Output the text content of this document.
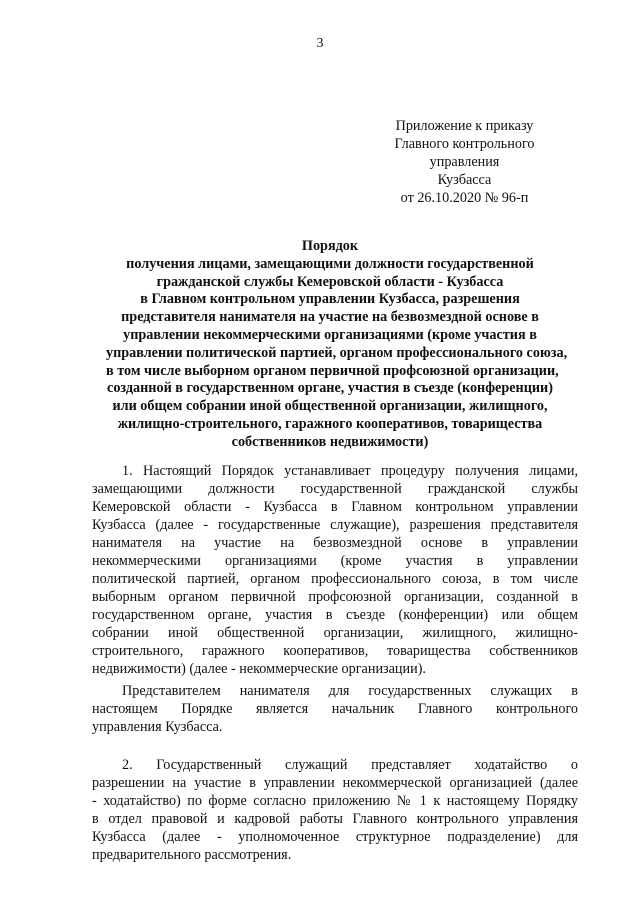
3
Приложение к приказу
Главного контрольного
управления
Кузбасса
от 26.10.2020 № 96-п
Порядок
получения лицами, замещающими должности государственной
гражданской службы Кемеровской области - Кузбасса
в Главном контрольном управлении Кузбасса, разрешения
представителя нанимателя на участие на безвозмездной основе в
управлении некоммерческими организациями (кроме участия в
управлении политической партией, органом профессионального союза,
в том числе выборном органом первичной профсоюзной организации,
созданной в государственном органе, участия в съезде (конференции)
или общем собрании иной общественной организации, жилищного,
жилищно-строительного, гаражного кооперативов, товарищества
собственников недвижимости)
1. Настоящий Порядок устанавливает процедуру получения лицами,
замещающими должности государственной гражданской службы
Кемеровской области - Кузбасса в Главном контрольном управлении
Кузбасса (далее - государственные служащие), разрешения представителя
нанимателя на участие на безвозмездной основе в управлении
некоммерческими организациями (кроме участия в управлении
политической партией, органом профессионального союза, в том числе
выборным органом первичной профсоюзной организации, созданной в
государственном органе, участия в съезде (конференции) или общем
собрании иной общественной организации, жилищного, жилищно-
строительного, гаражного кооперативов, товарищества собственников
недвижимости) (далее - некоммерческие организации).
Представителем нанимателя для государственных служащих в
настоящем Порядке является начальник Главного контрольного
управления Кузбасса.
2. Государственный служащий представляет ходатайство о
разрешении на участие в управлении некоммерческой организацией (далее
- ходатайство) по форме согласно приложению № 1 к настоящему Порядку
в отдел правовой и кадровой работы Главного контрольного управления
Кузбасса (далее - уполномоченное структурное подразделение) для
предварительного рассмотрения.
